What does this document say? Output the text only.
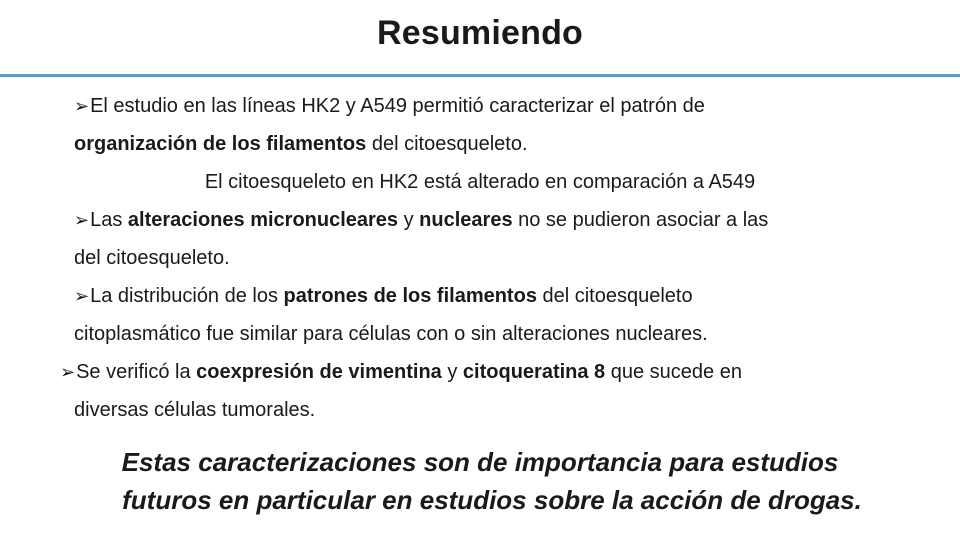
Resumiendo
➢El estudio en las líneas HK2 y A549 permitió caracterizar el patrón de
organización de los filamentos del citoesqueleto.
El citoesqueleto en HK2 está alterado en comparación a A549
➢Las alteraciones micronucleares y nucleares no se pudieron asociar a las
del citoesqueleto.
➢La distribución de los patrones de los filamentos del citoesqueleto
citoplasmático fue similar para células con o sin alteraciones nucleares.
➢Se verificó la coexpresión de vimentina y citoqueratina 8 que sucede en
diversas células tumorales.
Estas caracterizaciones son de importancia para estudios
futuros en particular en estudios sobre la acción de drogas.
